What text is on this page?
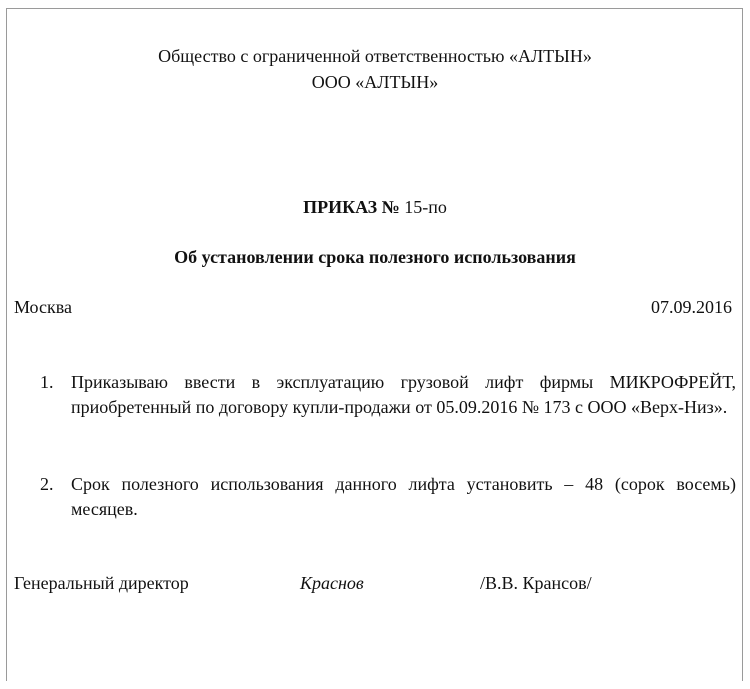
Общество с ограниченной ответственностью «АЛТЫН»
ООО «АЛТЫН»
ПРИКАЗ № 15-по
Об установлении срока полезного использования
Москва	07.09.2016
1. Приказываю ввести в эксплуатацию грузовой лифт фирмы МИКРОФРЕЙТ, приобретенный по договору купли-продажи от 05.09.2016 № 173 с ООО «Верх-Низ».
2. Срок полезного использования данного лифта установить – 48 (сорок восемь) месяцев.
Генеральный директор	Краснов	/В.В. Крансов/
